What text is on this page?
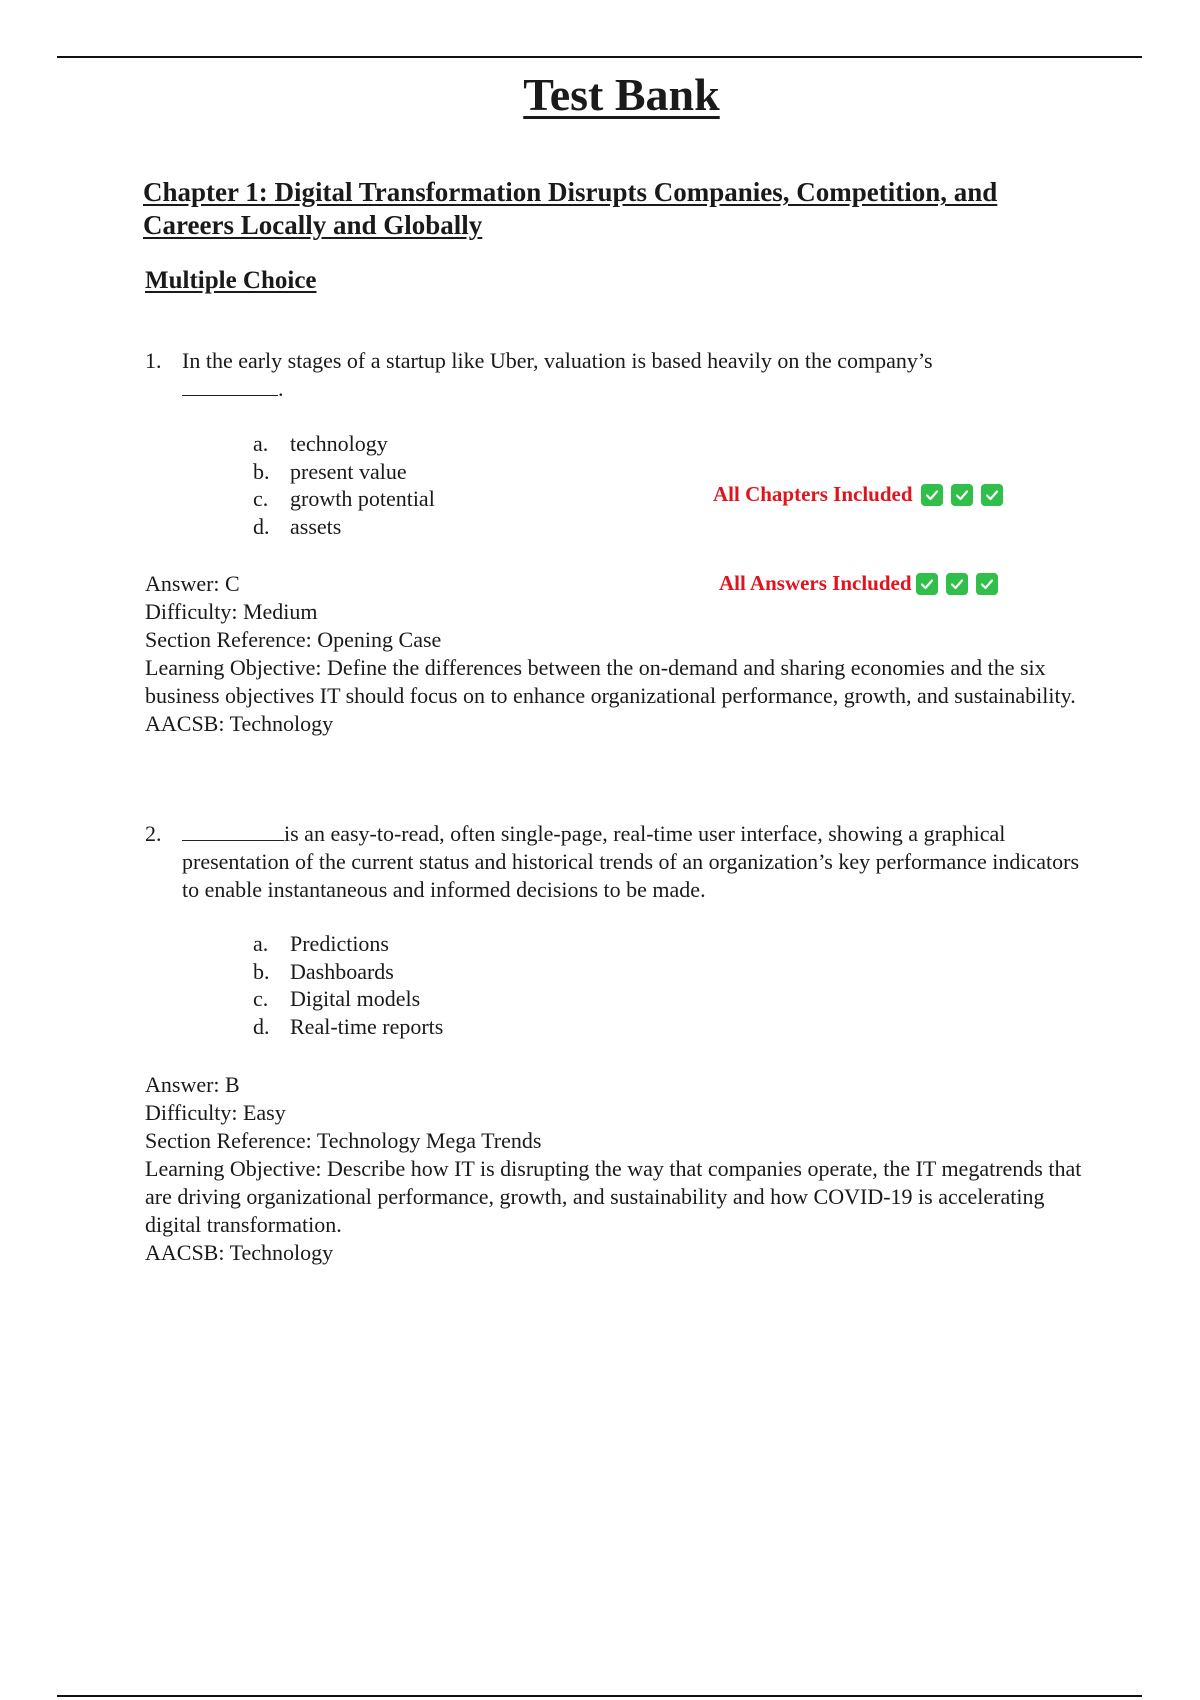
Test Bank
Chapter 1: Digital Transformation Disrupts Companies, Competition, and Careers Locally and Globally
Multiple Choice
1. In the early stages of a startup like Uber, valuation is based heavily on the company’s
.
a. technology
b. present value
c. growth potential
d. assets
All Chapters Included
Answer: C
Difficulty: Medium
Section Reference: Opening Case
Learning Objective: Define the differences between the on-demand and sharing economies and the six business objectives IT should focus on to enhance organizational performance, growth, and sustainability.
AACSB: Technology
All Answers Included
2.	is an easy-to-read, often single-page, real-time user interface, showing a graphical presentation of the current status and historical trends of an organization’s key performance indicators to enable instantaneous and informed decisions to be made.
a. Predictions
b. Dashboards
c. Digital models
d. Real-time reports
Answer: B
Difficulty: Easy
Section Reference: Technology Mega Trends
Learning Objective: Describe how IT is disrupting the way that companies operate, the IT megatrends that are driving organizational performance, growth, and sustainability and how COVID-19 is accelerating digital transformation.
AACSB: Technology
